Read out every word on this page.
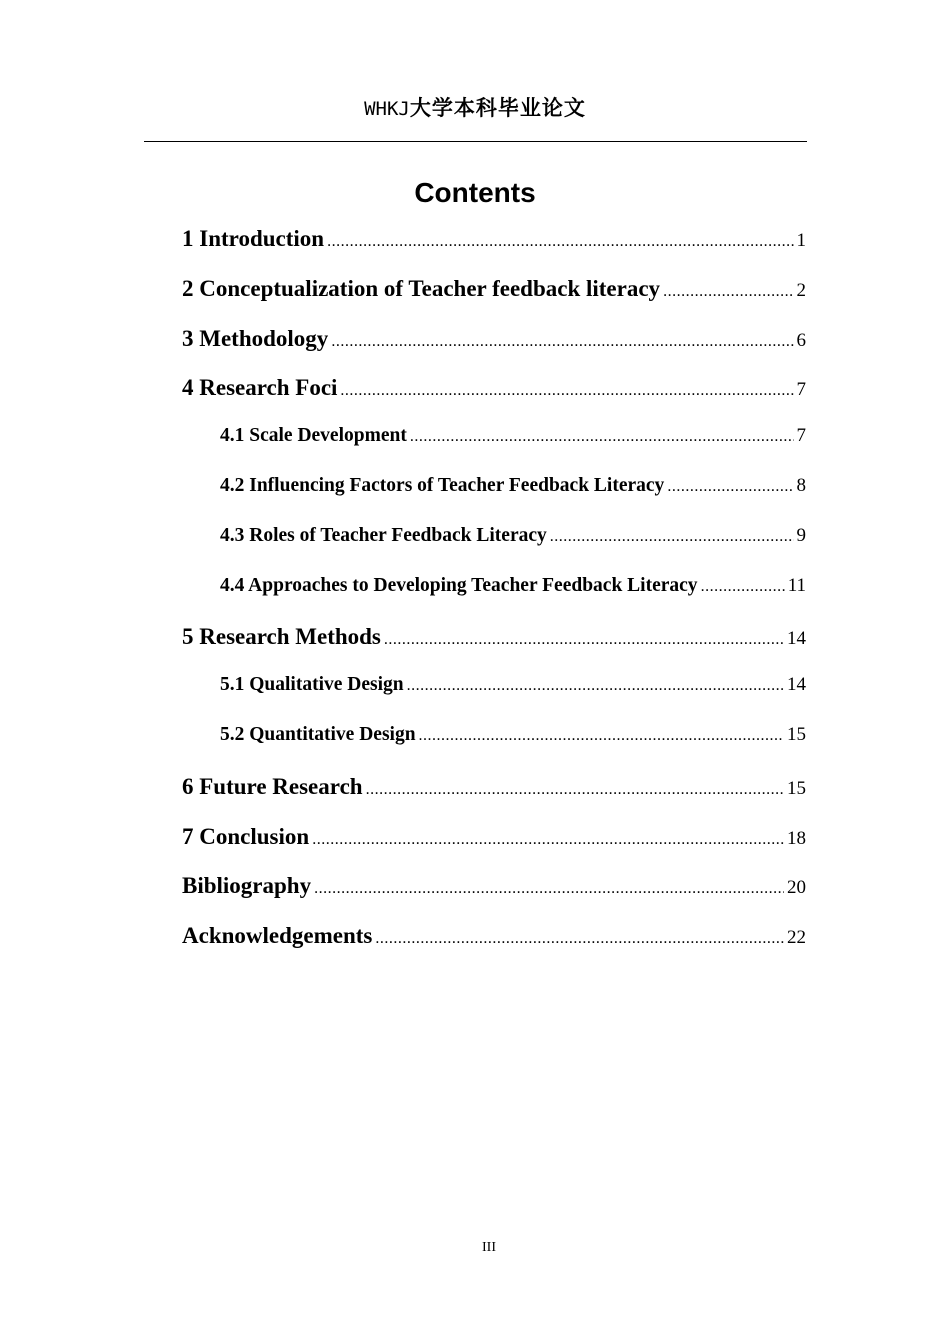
WHKJ大学本科毕业论文
Contents
1 Introduction .....	1
2 Conceptualization of Teacher feedback literacy .....	2
3 Methodology .....	6
4 Research Foci .....	7
4.1 Scale Development .....	7
4.2 Influencing Factors of Teacher Feedback Literacy .....	8
4.3 Roles of Teacher Feedback Literacy .....	9
4.4 Approaches to Developing Teacher Feedback Literacy .....	11
5 Research Methods .....	14
5.1 Qualitative Design .....	14
5.2 Quantitative Design .....	15
6 Future Research .....	15
7 Conclusion .....	18
Bibliography .....	20
Acknowledgements .....	22
III
